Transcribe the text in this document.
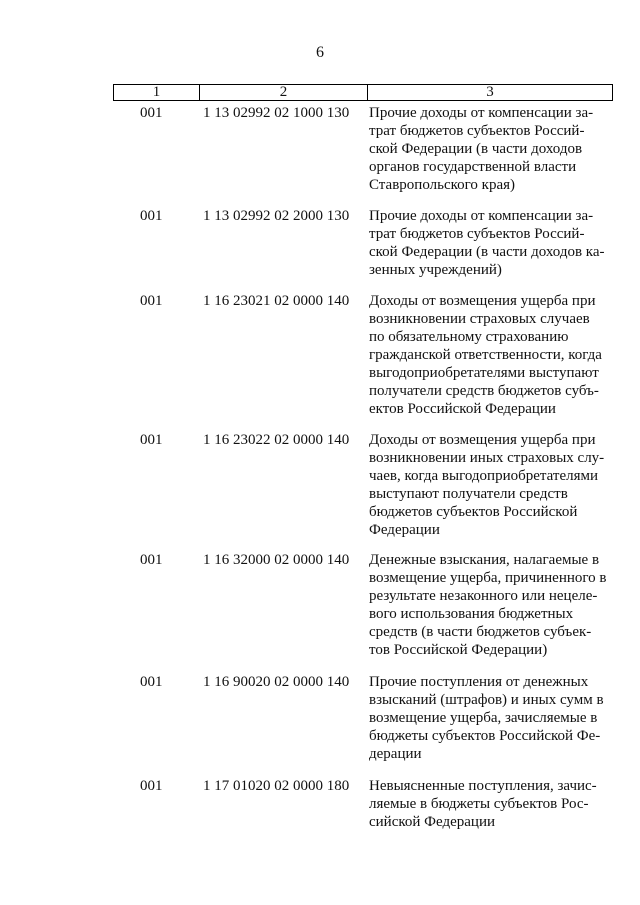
6
1	2	3
001	1 13 02992 02 1000 130 Прочие доходы от компенсации за-
трат бюджетов субъектов Россий-
ской Федерации (в части доходов
органов государственной власти
Ставропольского края)
001	1 13 02992 02 2000 130 Прочие доходы от компенсации за-
трат бюджетов субъектов Россий-
ской Федерации (в части доходов ка-
зенных учреждений)
001	1 16 23021 02 0000 140 Доходы от возмещения ущерба при
возникновении страховых случаев
по обязательному страхованию
гражданской ответственности, когда
выгодоприобретателями выступают
получатели средств бюджетов субъ-
ектов Российской Федерации
001	1 16 23022 02 0000 140 Доходы от возмещения ущерба при
возникновении иных страховых слу-
чаев, когда выгодоприобретателями
выступают получатели средств
бюджетов субъектов Российской
Федерации
001	1 16 32000 02 0000 140 Денежные взыскания, налагаемые в
возмещение ущерба, причиненного в
результате незаконного или нецеле-
вого использования бюджетных
средств (в части бюджетов субъек-
тов Российской Федерации)
001	1 16 90020 02 0000 140 Прочие поступления от денежных
взысканий (штрафов) и иных сумм в
возмещение ущерба, зачисляемые в
бюджеты субъектов Российской Фе-
дерации
001	1 17 01020 02 0000 180 Невыясненные поступления, зачис-
ляемые в бюджеты субъектов Рос-
сийской Федерации
